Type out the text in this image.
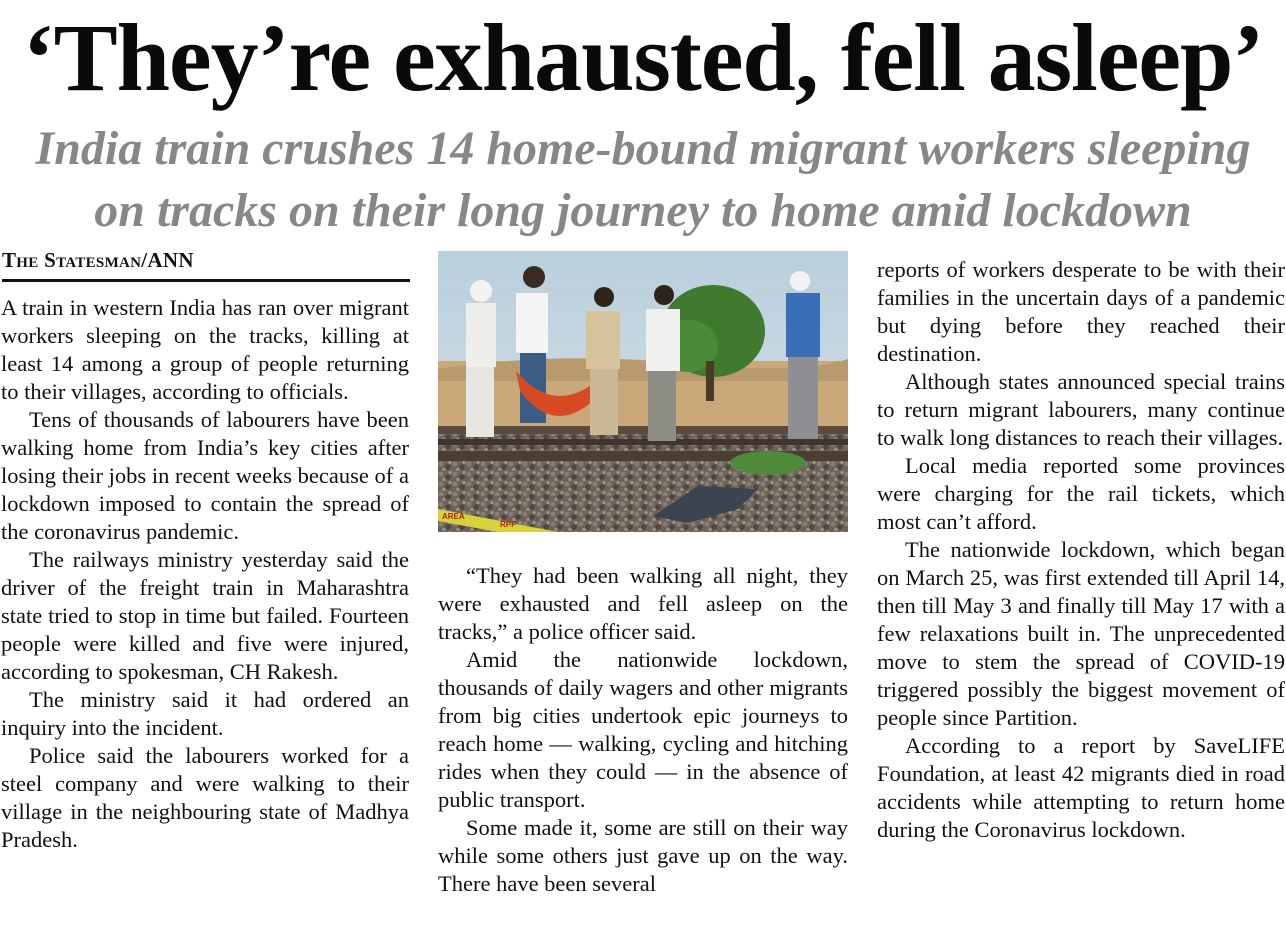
‘They’re exhausted, fell asleep’
India train crushes 14 home-bound migrant workers sleeping
on tracks on their long journey to home amid lockdown
The Statesman/ANN

A train in western India has ran over migrant workers sleeping on the tracks, killing at least 14 among a group of people returning to their villages, according to officials.

Tens of thousands of labourers have been walking home from India’s key cities after losing their jobs in recent weeks because of a lockdown imposed to contain the spread of the coronavirus pandemic.

The railways ministry yesterday said the driver of the freight train in Maharashtra state tried to stop in time but failed. Fourteen people were killed and five were injured, according to spokesman, CH Rakesh.

The ministry said it had ordered an inquiry into the incident.

Police said the labourers worked for a steel company and were walking to their village in the neighbouring state of Madhya Pradesh.

AREA
RPF

“They had been walking all night, they were exhausted and fell asleep on the tracks,” a police officer said.

Amid the nationwide lockdown, thousands of daily wagers and other migrants from big cities undertook epic journeys to reach home — walking, cycling and hitching rides when they could — in the absence of public transport.

Some made it, some are still on their way while some others just gave up on the way. There have been several

reports of workers desperate to be with their families in the uncertain days of a pandemic but dying before they reached their destination.

Although states announced special trains to return migrant labourers, many continue to walk long distances to reach their villages.

Local media reported some provinces were charging for the rail tickets, which most can’t afford.

The nationwide lockdown, which began on March 25, was first extended till April 14, then till May 3 and finally till May 17 with a few relaxations built in. The unprecedented move to stem the spread of COVID-19 triggered possibly the biggest movement of people since Partition.

According to a report by SaveLIFE Foundation, at least 42 migrants died in road accidents while attempting to return home during the Coronavirus lockdown.
